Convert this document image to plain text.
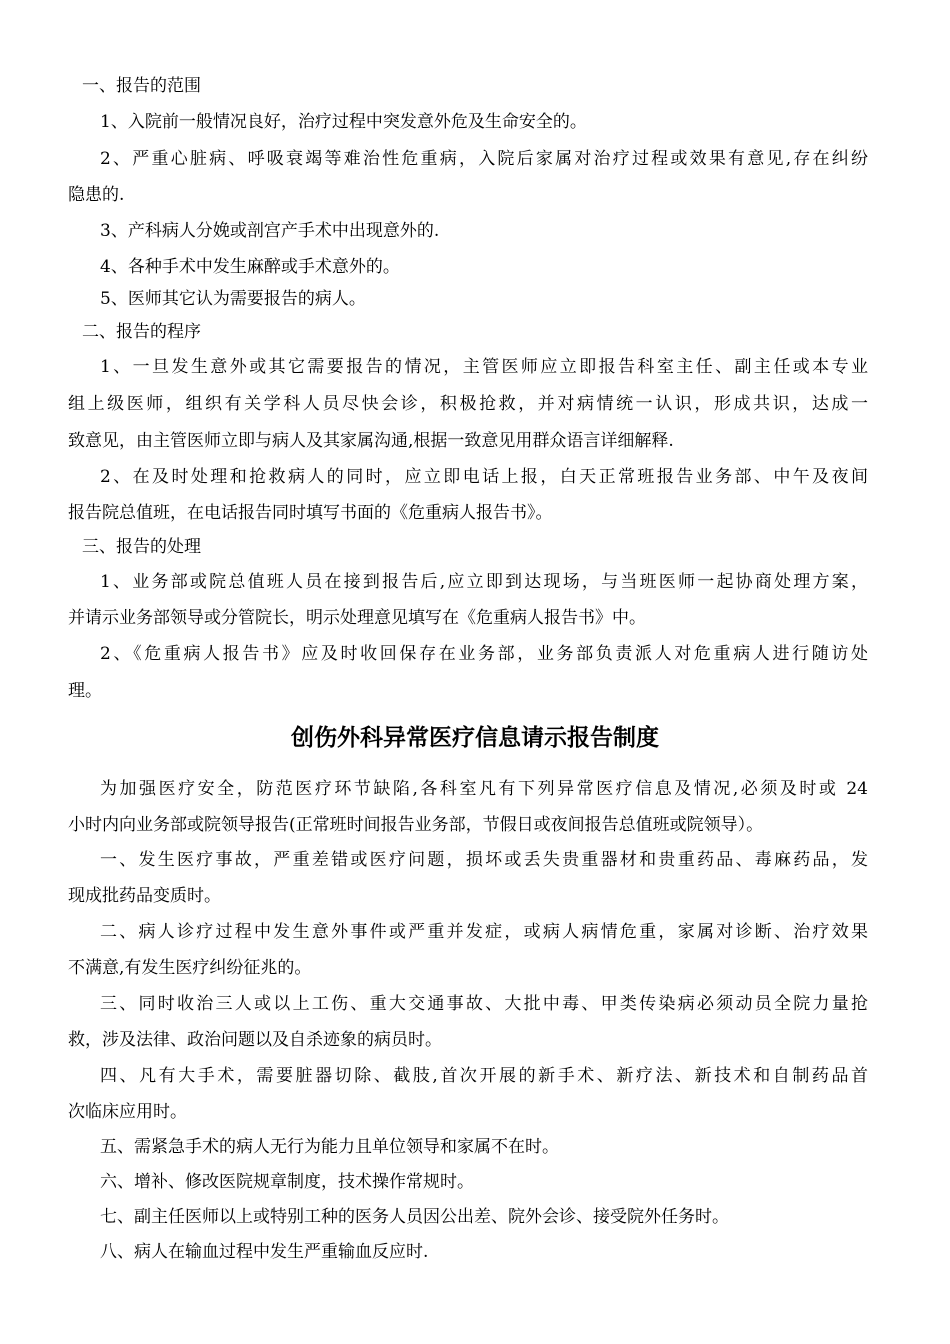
一、报告的范围
1、入院前一般情况良好，治疗过程中突发意外危及生命安全的。
2、严重心脏病、呼吸衰竭等难治性危重病，入院后家属对治疗过程或效果有意见,存在纠纷
隐患的.
3、产科病人分娩或剖宫产手术中出现意外的.
4、各种手术中发生麻醉或手术意外的。
5、医师其它认为需要报告的病人。
二、报告的程序
1、一旦发生意外或其它需要报告的情况，主管医师应立即报告科室主任、副主任或本专业
组上级医师，组织有关学科人员尽快会诊，积极抢救，并对病情统一认识，形成共识，达成一
致意见，由主管医师立即与病人及其家属沟通,根据一致意见用群众语言详细解释.
2、在及时处理和抢救病人的同时，应立即电话上报，白天正常班报告业务部、中午及夜间
报告院总值班，在电话报告同时填写书面的《危重病人报告书》。
三、报告的处理
1、业务部或院总值班人员在接到报告后,应立即到达现场，与当班医师一起协商处理方案，
并请示业务部领导或分管院长，明示处理意见填写在《危重病人报告书》中。
2、《危重病人报告书》应及时收回保存在业务部，业务部负责派人对危重病人进行随访处
理。
创伤外科异常医疗信息请示报告制度
为加强医疗安全，防范医疗环节缺陷,各科室凡有下列异常医疗信息及情况,必须及时或 24
小时内向业务部或院领导报告(正常班时间报告业务部，节假日或夜间报告总值班或院领导）。
一、发生医疗事故，严重差错或医疗问题，损坏或丢失贵重器材和贵重药品、毒麻药品，发
现成批药品变质时。
二、病人诊疗过程中发生意外事件或严重并发症，或病人病情危重，家属对诊断、治疗效果
不满意,有发生医疗纠纷征兆的。
三、同时收治三人或以上工伤、重大交通事故、大批中毒、甲类传染病必须动员全院力量抢
救，涉及法律、政治问题以及自杀迹象的病员时。
四、凡有大手术，需要脏器切除、截肢,首次开展的新手术、新疗法、新技术和自制药品首
次临床应用时。
五、需紧急手术的病人无行为能力且单位领导和家属不在时。
六、增补、修改医院规章制度，技术操作常规时。
七、副主任医师以上或特别工种的医务人员因公出差、院外会诊、接受院外任务时。
八、病人在输血过程中发生严重输血反应时.
